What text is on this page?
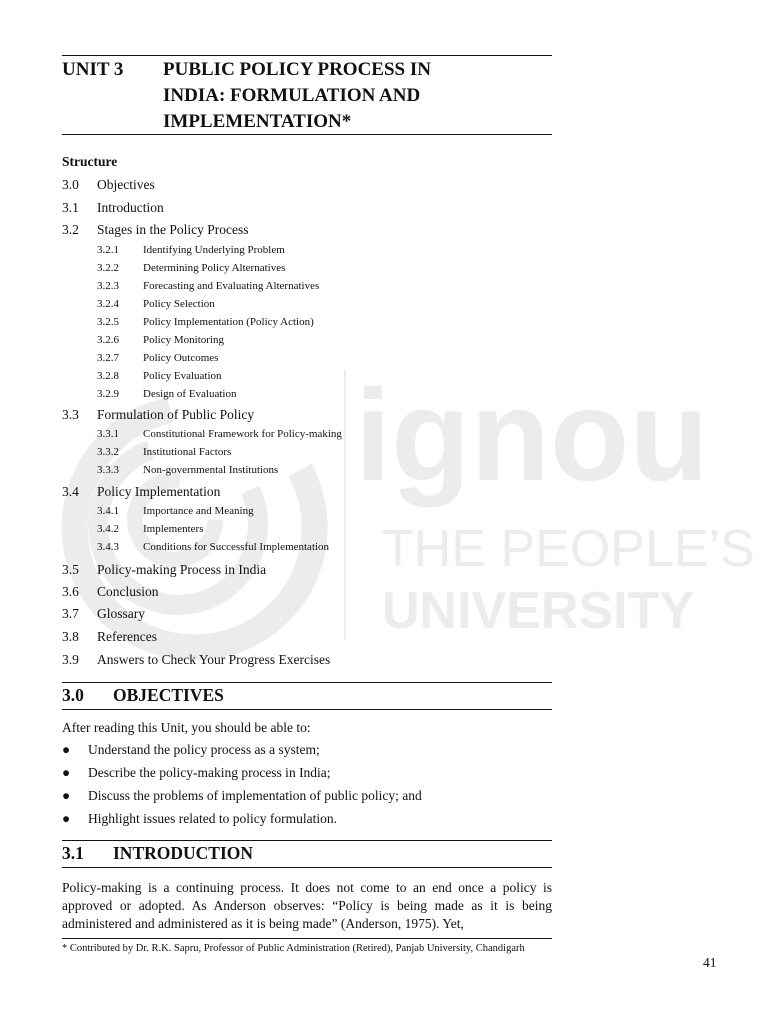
ignou
THE PEOPLE’S
UNIVERSITY
UNIT 3 PUBLIC POLICY PROCESS IN
INDIA: FORMULATION AND
IMPLEMENTATION*
Structure
3.0 Objectives
3.1 Introduction
3.2 Stages in the Policy Process
3.2.1 Identifying Underlying Problem
3.2.2 Determining Policy Alternatives
3.2.3 Forecasting and Evaluating Alternatives
3.2.4 Policy Selection
3.2.5 Policy Implementation (Policy Action)
3.2.6 Policy Monitoring
3.2.7 Policy Outcomes
3.2.8 Policy Evaluation
3.2.9 Design of Evaluation
3.3 Formulation of Public Policy
3.3.1 Constitutional Framework for Policy-making
3.3.2 Institutional Factors
3.3.3 Non-governmental Institutions
3.4 Policy Implementation
3.4.1 Importance and Meaning
3.4.2 Implementers
3.4.3 Conditions for Successful Implementation
3.5 Policy-making Process in India
3.6 Conclusion
3.7 Glossary
3.8 References
3.9 Answers to Check Your Progress Exercises
3.0 OBJECTIVES
After reading this Unit, you should be able to:
● Understand the policy process as a system;
● Describe the policy-making process in India;
● Discuss the problems of implementation of public policy; and
● Highlight issues related to policy formulation.
3.1 INTRODUCTION
Policy-making is a continuing process. It does not come to an end once a policy is approved or adopted. As Anderson observes: “Policy is being made as it is being administered and administered as it is being made” (Anderson, 1975). Yet,
* Contributed by Dr. R.K. Sapru, Professor of Public Administration (Retired), Panjab University, Chandigarh
41
